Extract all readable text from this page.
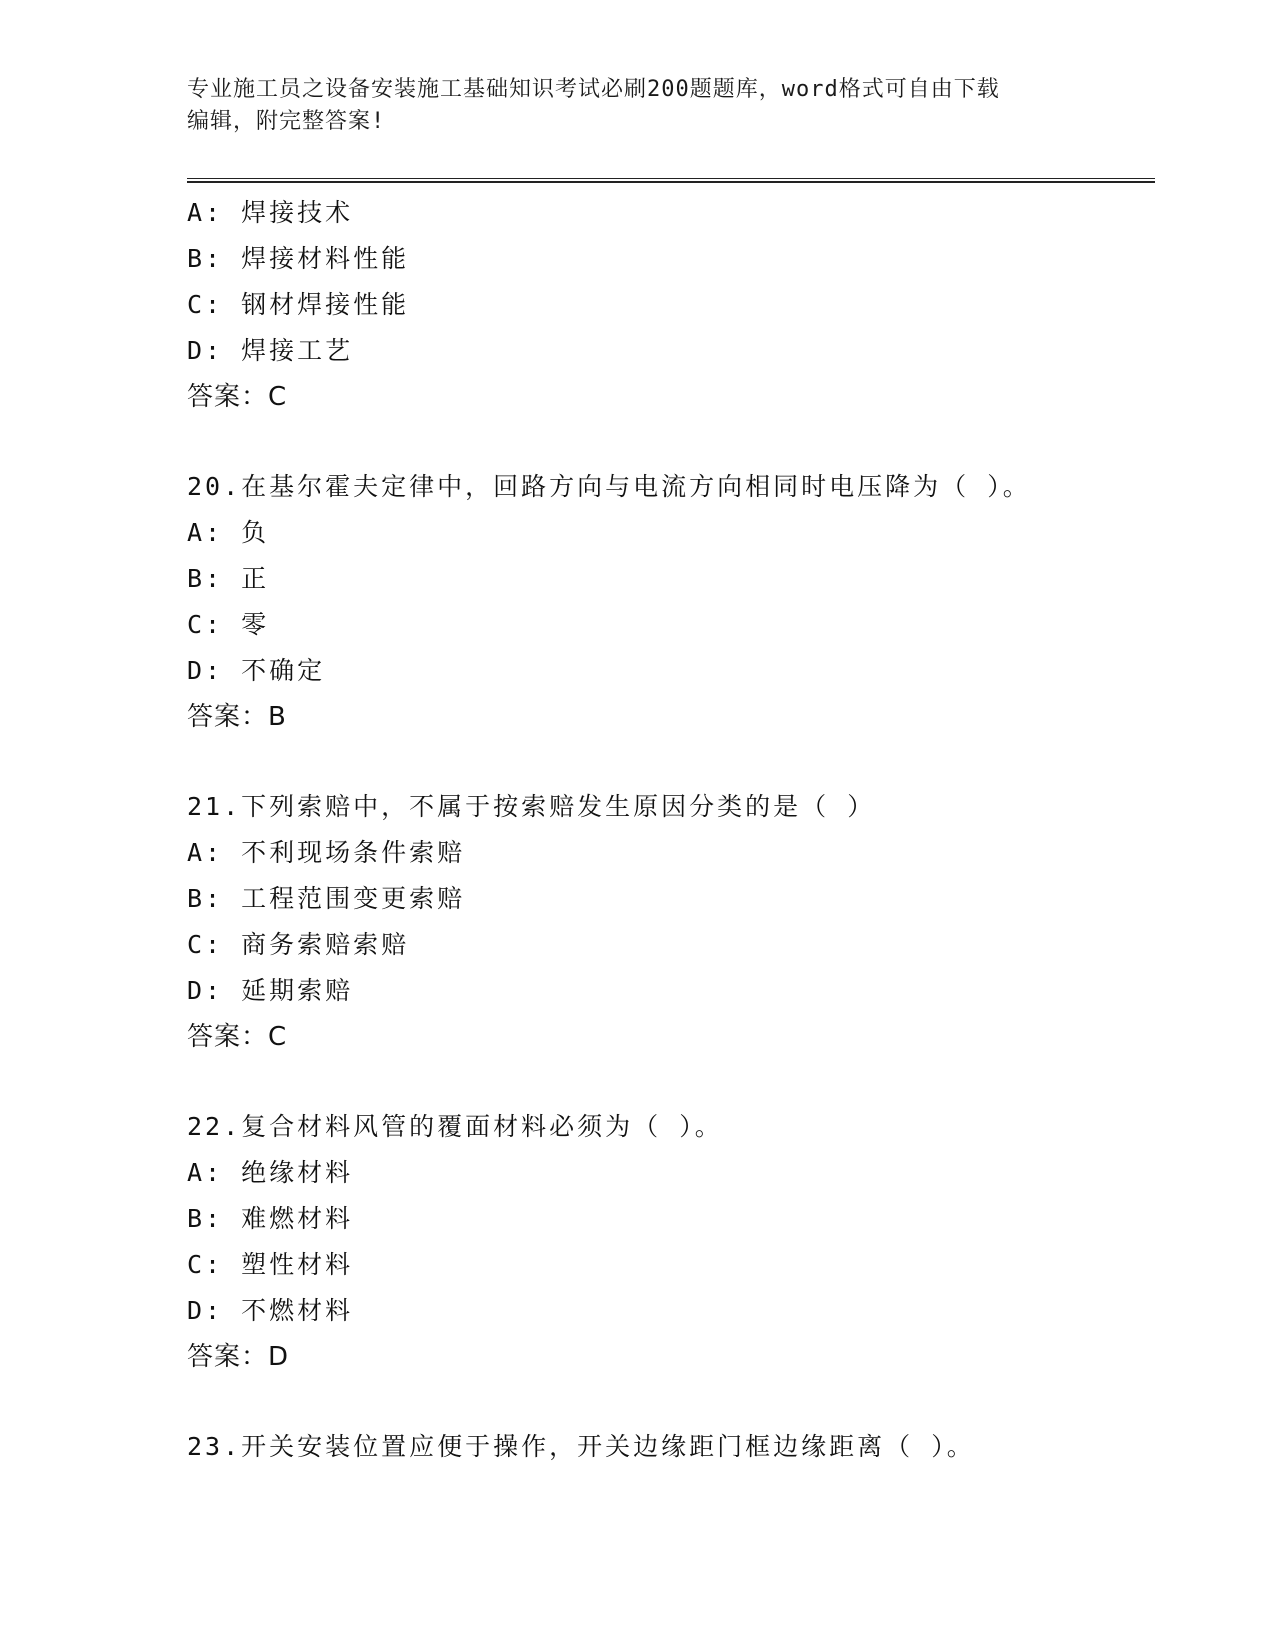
专业施工员之设备安装施工基础知识考试必刷200题题库，word格式可自由下载
编辑，附完整答案!
A: 焊接技术
B: 焊接材料性能
C: 钢材焊接性能
D: 焊接工艺
答案：C
20.在基尔霍夫定律中，回路方向与电流方向相同时电压降为（ ）。
A: 负
B: 正
C: 零
D: 不确定
答案：B
21.下列索赔中，不属于按索赔发生原因分类的是（ ）
A: 不利现场条件索赔
B: 工程范围变更索赔
C: 商务索赔索赔
D: 延期索赔
答案：C
22.复合材料风管的覆面材料必须为（ ）。
A: 绝缘材料
B: 难燃材料
C: 塑性材料
D: 不燃材料
答案：D
23.开关安装位置应便于操作，开关边缘距门框边缘距离（ ）。
